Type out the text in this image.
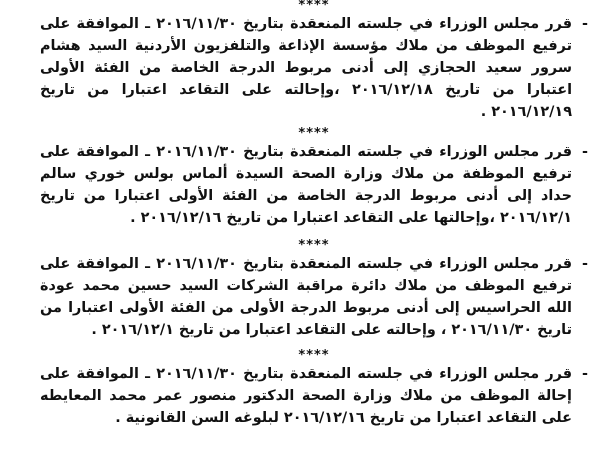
****
-
قرر مجلس الوزراء في جلسته المنعقدة بتاريخ ٢٠١٦/١١/٣٠ ـ الموافقة على ترفيع الموظف من ملاك مؤسسة الإذاعة والتلفزيون الأردنية السيد هشام سرور سعيد الحجازي إلى أدنى مربوط الدرجة الخاصة من الفئة الأولى اعتبارا من تاريخ ٢٠١٦/١٢/١٨ ،وإحالته على التقاعد اعتبارا من تاريخ ٢٠١٦/١٢/١٩ .
****
-
قرر مجلس الوزراء في جلسته المنعقدة بتاريخ ٢٠١٦/١١/٣٠ ـ الموافقة على ترفيع الموظفة من ملاك وزارة الصحة السيدة ألماس بولس خوري سالم حداد إلى أدنى مربوط الدرجة الخاصة من الفئة الأولى اعتبارا من تاريخ ٢٠١٦/١٢/١ ،وإحالتها على التقاعد اعتبارا من تاريخ ٢٠١٦/١٢/١٦ .
****
-
قرر مجلس الوزراء في جلسته المنعقدة بتاريخ ٢٠١٦/١١/٣٠ ـ الموافقة على ترفيع الموظف من ملاك دائرة مراقبة الشركات السيد حسين محمد عودة الله الحراسيس إلى أدنى مربوط الدرجة الأولى من الفئة الأولى اعتبارا من تاريخ ٢٠١٦/١١/٣٠ ، وإحالته على التقاعد اعتبارا من تاريخ ٢٠١٦/١٢/١ .
****
-
قرر مجلس الوزراء في جلسته المنعقدة بتاريخ ٢٠١٦/١١/٣٠ ـ الموافقة على إحالة الموظف من ملاك وزارة الصحة الدكتور منصور عمر محمد المعايطه على التقاعد اعتبارا من تاريخ ٢٠١٦/١٢/١٦ لبلوغه السن القانونية .
